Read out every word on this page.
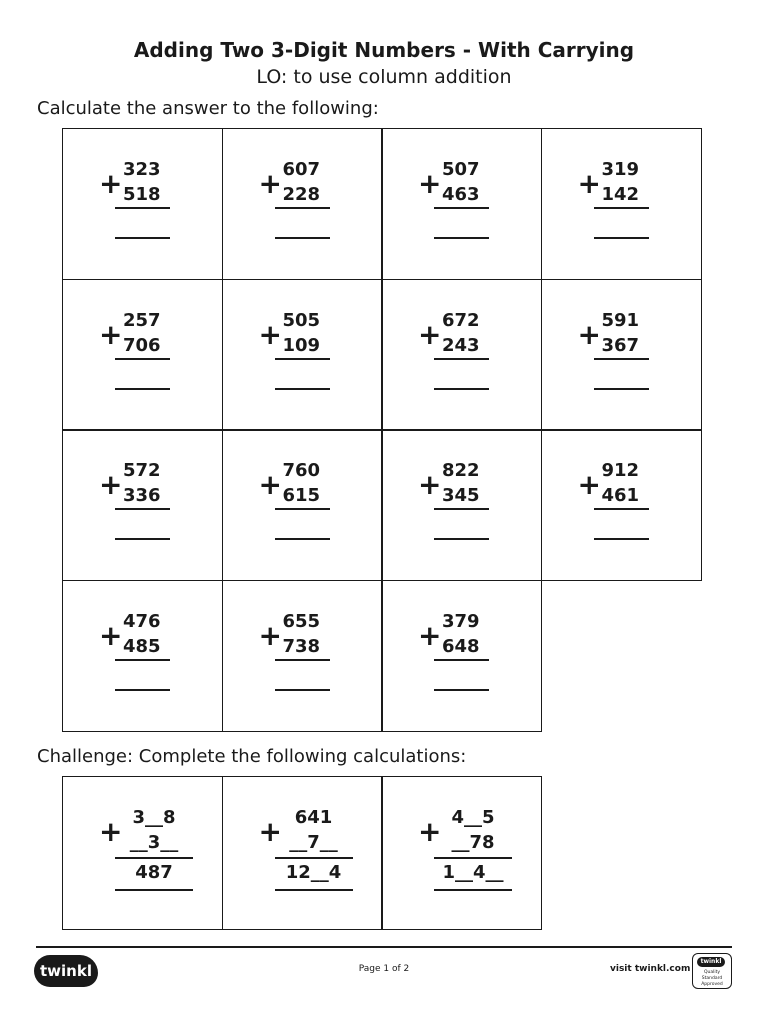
Adding Two 3-Digit Numbers - With Carrying
LO: to use column addition
Calculate the answer to the following:
+ 323
518	+ 607
228	+ 507
463	+ 319
142
+ 257
706	+ 505
109	+ 672
243	+ 591
367
+ 572
336	+ 760
615	+ 822
345	+ 912
461
+ 476
485	+ 655
738	+ 379
648
Challenge: Complete the following calculations:
+ 3__8
__3__
487
+ 641
__7__
12__4
+ 4__5
__78
1__4__
twinkl	Page 1 of 2	visit twinkl.com
twinkl
Quality Standard Approved
